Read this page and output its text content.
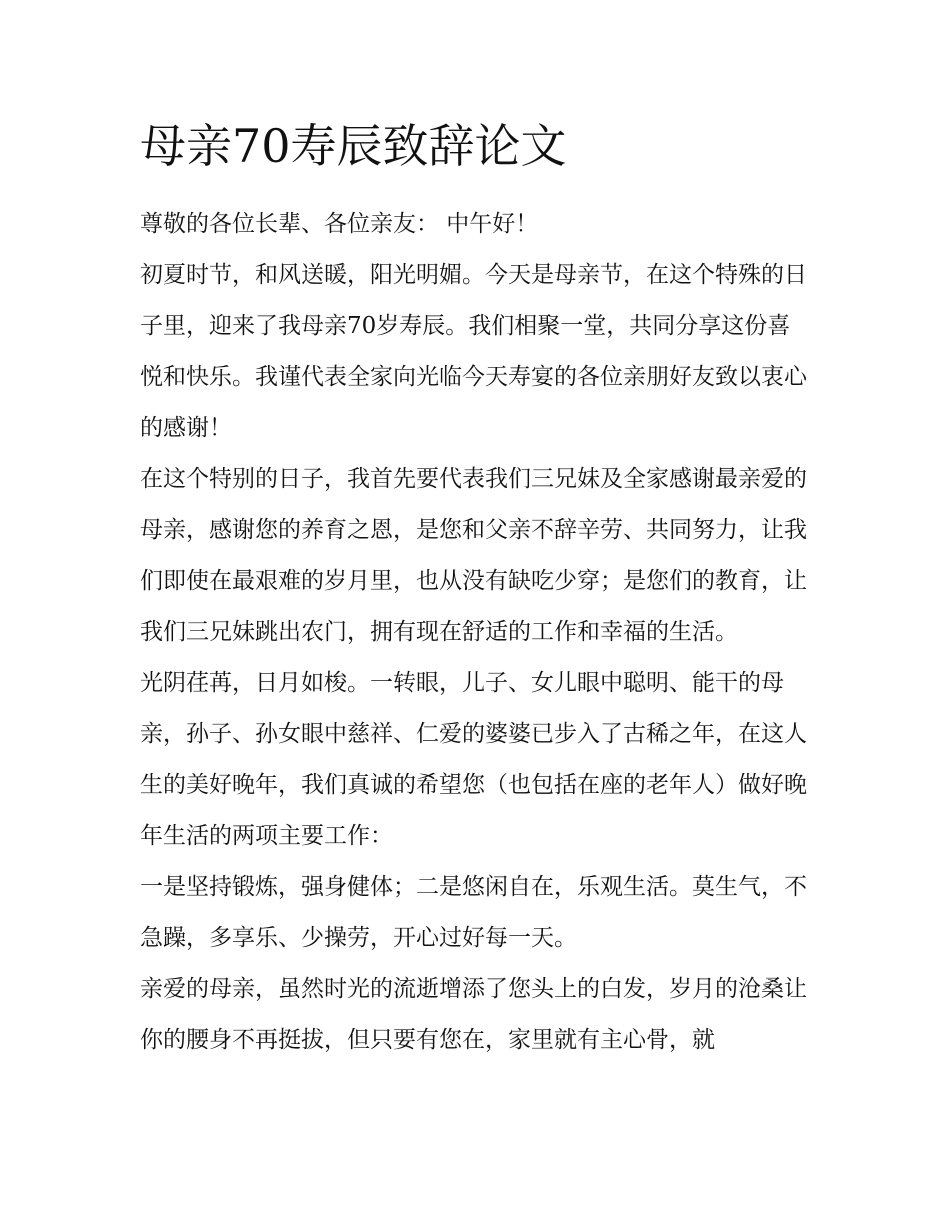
母亲70寿辰致辞论文

尊敬的各位长辈、各位亲友： 中午好！

初夏时节，和风送暖，阳光明媚。今天是母亲节，在这个特殊的日子里，迎来了我母亲70岁寿辰。我们相聚一堂，共同分享这份喜悦和快乐。我谨代表全家向光临今天寿宴的各位亲朋好友致以衷心的感谢！

在这个特别的日子，我首先要代表我们三兄妹及全家感谢最亲爱的母亲，感谢您的养育之恩，是您和父亲不辞辛劳、共同努力，让我们即使在最艰难的岁月里，也从没有缺吃少穿；是您们的教育，让我们三兄妹跳出农门，拥有现在舒适的工作和幸福的生活。

光阴荏苒，日月如梭。一转眼，儿子、女儿眼中聪明、能干的母亲，孙子、孙女眼中慈祥、仁爱的婆婆已步入了古稀之年，在这人生的美好晚年，我们真诚的希望您（也包括在座的老年人）做好晚年生活的两项主要工作：

一是坚持锻炼，强身健体；二是悠闲自在，乐观生活。莫生气，不急躁，多享乐、少操劳，开心过好每一天。

亲爱的母亲，虽然时光的流逝增添了您头上的白发，岁月的沧桑让你的腰身不再挺拔，但只要有您在，家里就有主心骨，就
